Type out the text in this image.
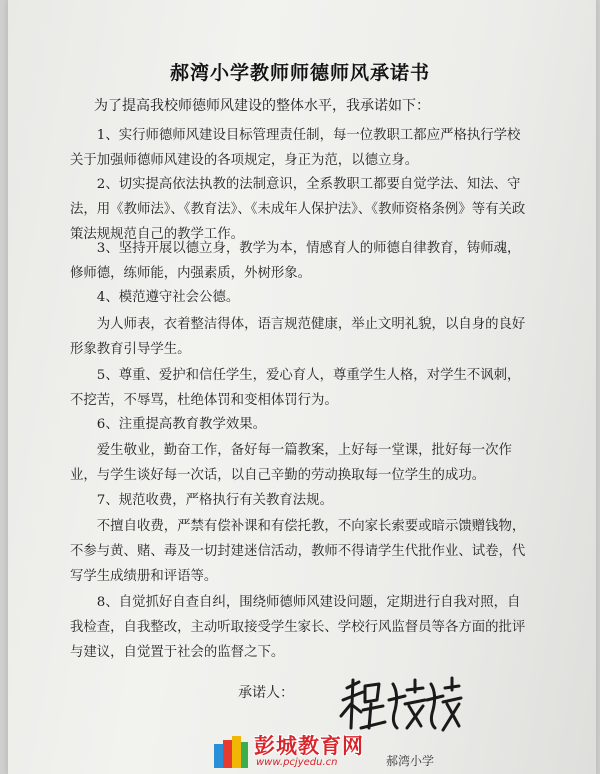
郝湾小学教师师德师风承诺书
为了提高我校师德师风建设的整体水平，我承诺如下：

1、实行师德师风建设目标管理责任制，每一位教职工都应严格执行学校关于加强师德师风建设的各项规定，身正为范，以德立身。

2、切实提高依法执教的法制意识，全系教职工都要自觉学法、知法、守法，用《教师法》、《教育法》、《未成年人保护法》、《教师资格条例》等有关政策法规规范自己的教学工作。

3、坚持开展以德立身，教学为本，情感育人的师德自律教育，铸师魂，修师德，练师能，内强素质，外树形象。

4、模范遵守社会公德。

为人师表，衣着整洁得体，语言规范健康，举止文明礼貌，以自身的良好形象教育引导学生。

5、尊重、爱护和信任学生，爱心育人，尊重学生人格，对学生不讽刺，不挖苦，不辱骂，杜绝体罚和变相体罚行为。

6、注重提高教育教学效果。

爱生敬业，勤奋工作，备好每一篇教案，上好每一堂课，批好每一次作业，与学生谈好每一次话，以自己辛勤的劳动换取每一位学生的成功。

7、规范收费，严格执行有关教育法规。

不擅自收费，严禁有偿补课和有偿托教，不向家长索要或暗示馈赠钱物，不参与黄、赌、毒及一切封建迷信活动，教师不得请学生代批作业、试卷，代写学生成绩册和评语等。

8、自觉抓好自查自纠，围绕师德师风建设问题，定期进行自我对照，自我检查，自我整改，主动听取接受学生家长、学校行风监督员等各方面的批评与建议，自觉置于社会的监督之下。

承诺人：
郝湾小学
彭城教育网
www.pcjyedu.cn
